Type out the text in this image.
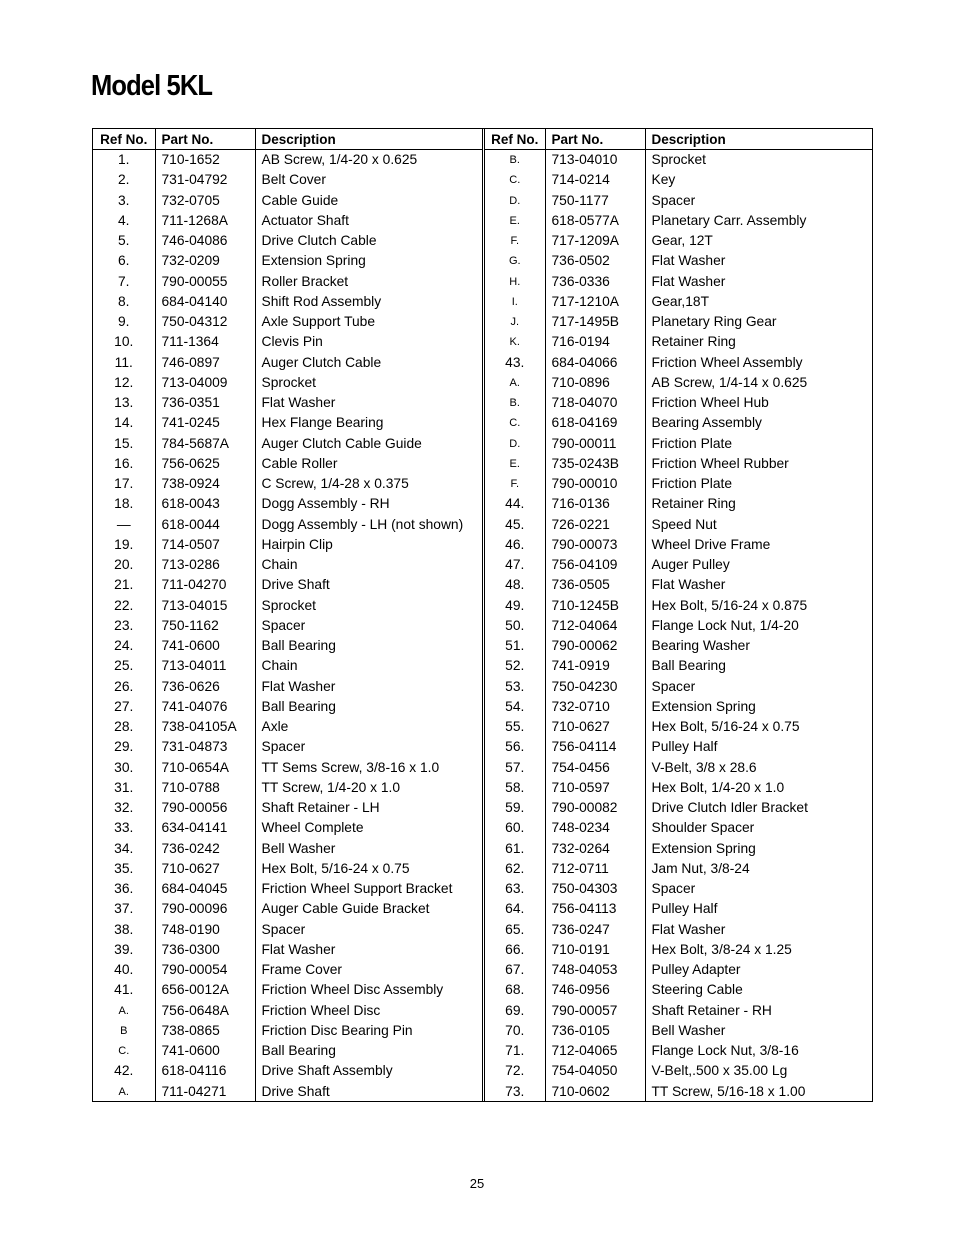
Model 5KL
Ref No.	Part No.	Description
1.	710-1652	AB Screw, 1/4-20 x 0.625
2.	731-04792	Belt Cover
3.	732-0705	Cable Guide
4.	711-1268A	Actuator Shaft
5.	746-04086	Drive Clutch Cable
6.	732-0209	Extension Spring
7.	790-00055	Roller Bracket
8.	684-04140	Shift Rod Assembly
9.	750-04312	Axle Support Tube
10.	711-1364	Clevis Pin
11.	746-0897	Auger Clutch Cable
12.	713-04009	Sprocket
13.	736-0351	Flat Washer
14.	741-0245	Hex Flange Bearing
15.	784-5687A	Auger Clutch Cable Guide
16.	756-0625	Cable Roller
17.	738-0924	C Screw, 1/4-28 x 0.375
18.	618-0043	Dogg Assembly - RH
—	618-0044	Dogg Assembly - LH (not shown)
19.	714-0507	Hairpin Clip
20.	713-0286	Chain
21.	711-04270	Drive Shaft
22.	713-04015	Sprocket
23.	750-1162	Spacer
24.	741-0600	Ball Bearing
25.	713-04011	Chain
26.	736-0626	Flat Washer
27.	741-04076	Ball Bearing
28.	738-04105A	Axle
29.	731-04873	Spacer
30.	710-0654A	TT Sems Screw, 3/8-16 x 1.0
31.	710-0788	TT Screw, 1/4-20 x 1.0
32.	790-00056	Shaft Retainer - LH
33.	634-04141	Wheel Complete
34.	736-0242	Bell Washer
35.	710-0627	Hex Bolt, 5/16-24 x 0.75
36.	684-04045	Friction Wheel Support Bracket
37.	790-00096	Auger Cable Guide Bracket
38.	748-0190	Spacer
39.	736-0300	Flat Washer
40.	790-00054	Frame Cover
41.	656-0012A	Friction Wheel Disc Assembly
A.	756-0648A	Friction Wheel Disc
B	738-0865	Friction Disc Bearing Pin
C.	741-0600	Ball Bearing
42.	618-04116	Drive Shaft Assembly
A.	711-04271	Drive Shaft
Ref No.	Part No.	Description
B.	713-04010	Sprocket
C.	714-0214	Key
D.	750-1177	Spacer
E.	618-0577A	Planetary Carr. Assembly
F.	717-1209A	Gear, 12T
G.	736-0502	Flat Washer
H.	736-0336	Flat Washer
I.	717-1210A	Gear,18T
J.	717-1495B	Planetary Ring Gear
K.	716-0194	Retainer Ring
43.	684-04066	Friction Wheel Assembly
A.	710-0896	AB Screw, 1/4-14 x 0.625
B.	718-04070	Friction Wheel Hub
C.	618-04169	Bearing Assembly
D.	790-00011	Friction Plate
E.	735-0243B	Friction Wheel Rubber
F.	790-00010	Friction Plate
44.	716-0136	Retainer Ring
45.	726-0221	Speed Nut
46.	790-00073	Wheel Drive Frame
47.	756-04109	Auger Pulley
48.	736-0505	Flat Washer
49.	710-1245B	Hex Bolt, 5/16-24 x 0.875
50.	712-04064	Flange Lock Nut, 1/4-20
51.	790-00062	Bearing Washer
52.	741-0919	Ball Bearing
53.	750-04230	Spacer
54.	732-0710	Extension Spring
55.	710-0627	Hex Bolt, 5/16-24 x 0.75
56.	756-04114	Pulley Half
57.	754-0456	V-Belt, 3/8 x 28.6
58.	710-0597	Hex Bolt, 1/4-20 x 1.0
59.	790-00082	Drive Clutch Idler Bracket
60.	748-0234	Shoulder Spacer
61.	732-0264	Extension Spring
62.	712-0711	Jam Nut, 3/8-24
63.	750-04303	Spacer
64.	756-04113	Pulley Half
65.	736-0247	Flat Washer
66.	710-0191	Hex Bolt, 3/8-24 x 1.25
67.	748-04053	Pulley Adapter
68.	746-0956	Steering Cable
69.	790-00057	Shaft Retainer - RH
70.	736-0105	Bell Washer
71.	712-04065	Flange Lock Nut, 3/8-16
72.	754-04050	V-Belt,.500 x 35.00 Lg
73.	710-0602	TT Screw, 5/16-18 x 1.00
25
